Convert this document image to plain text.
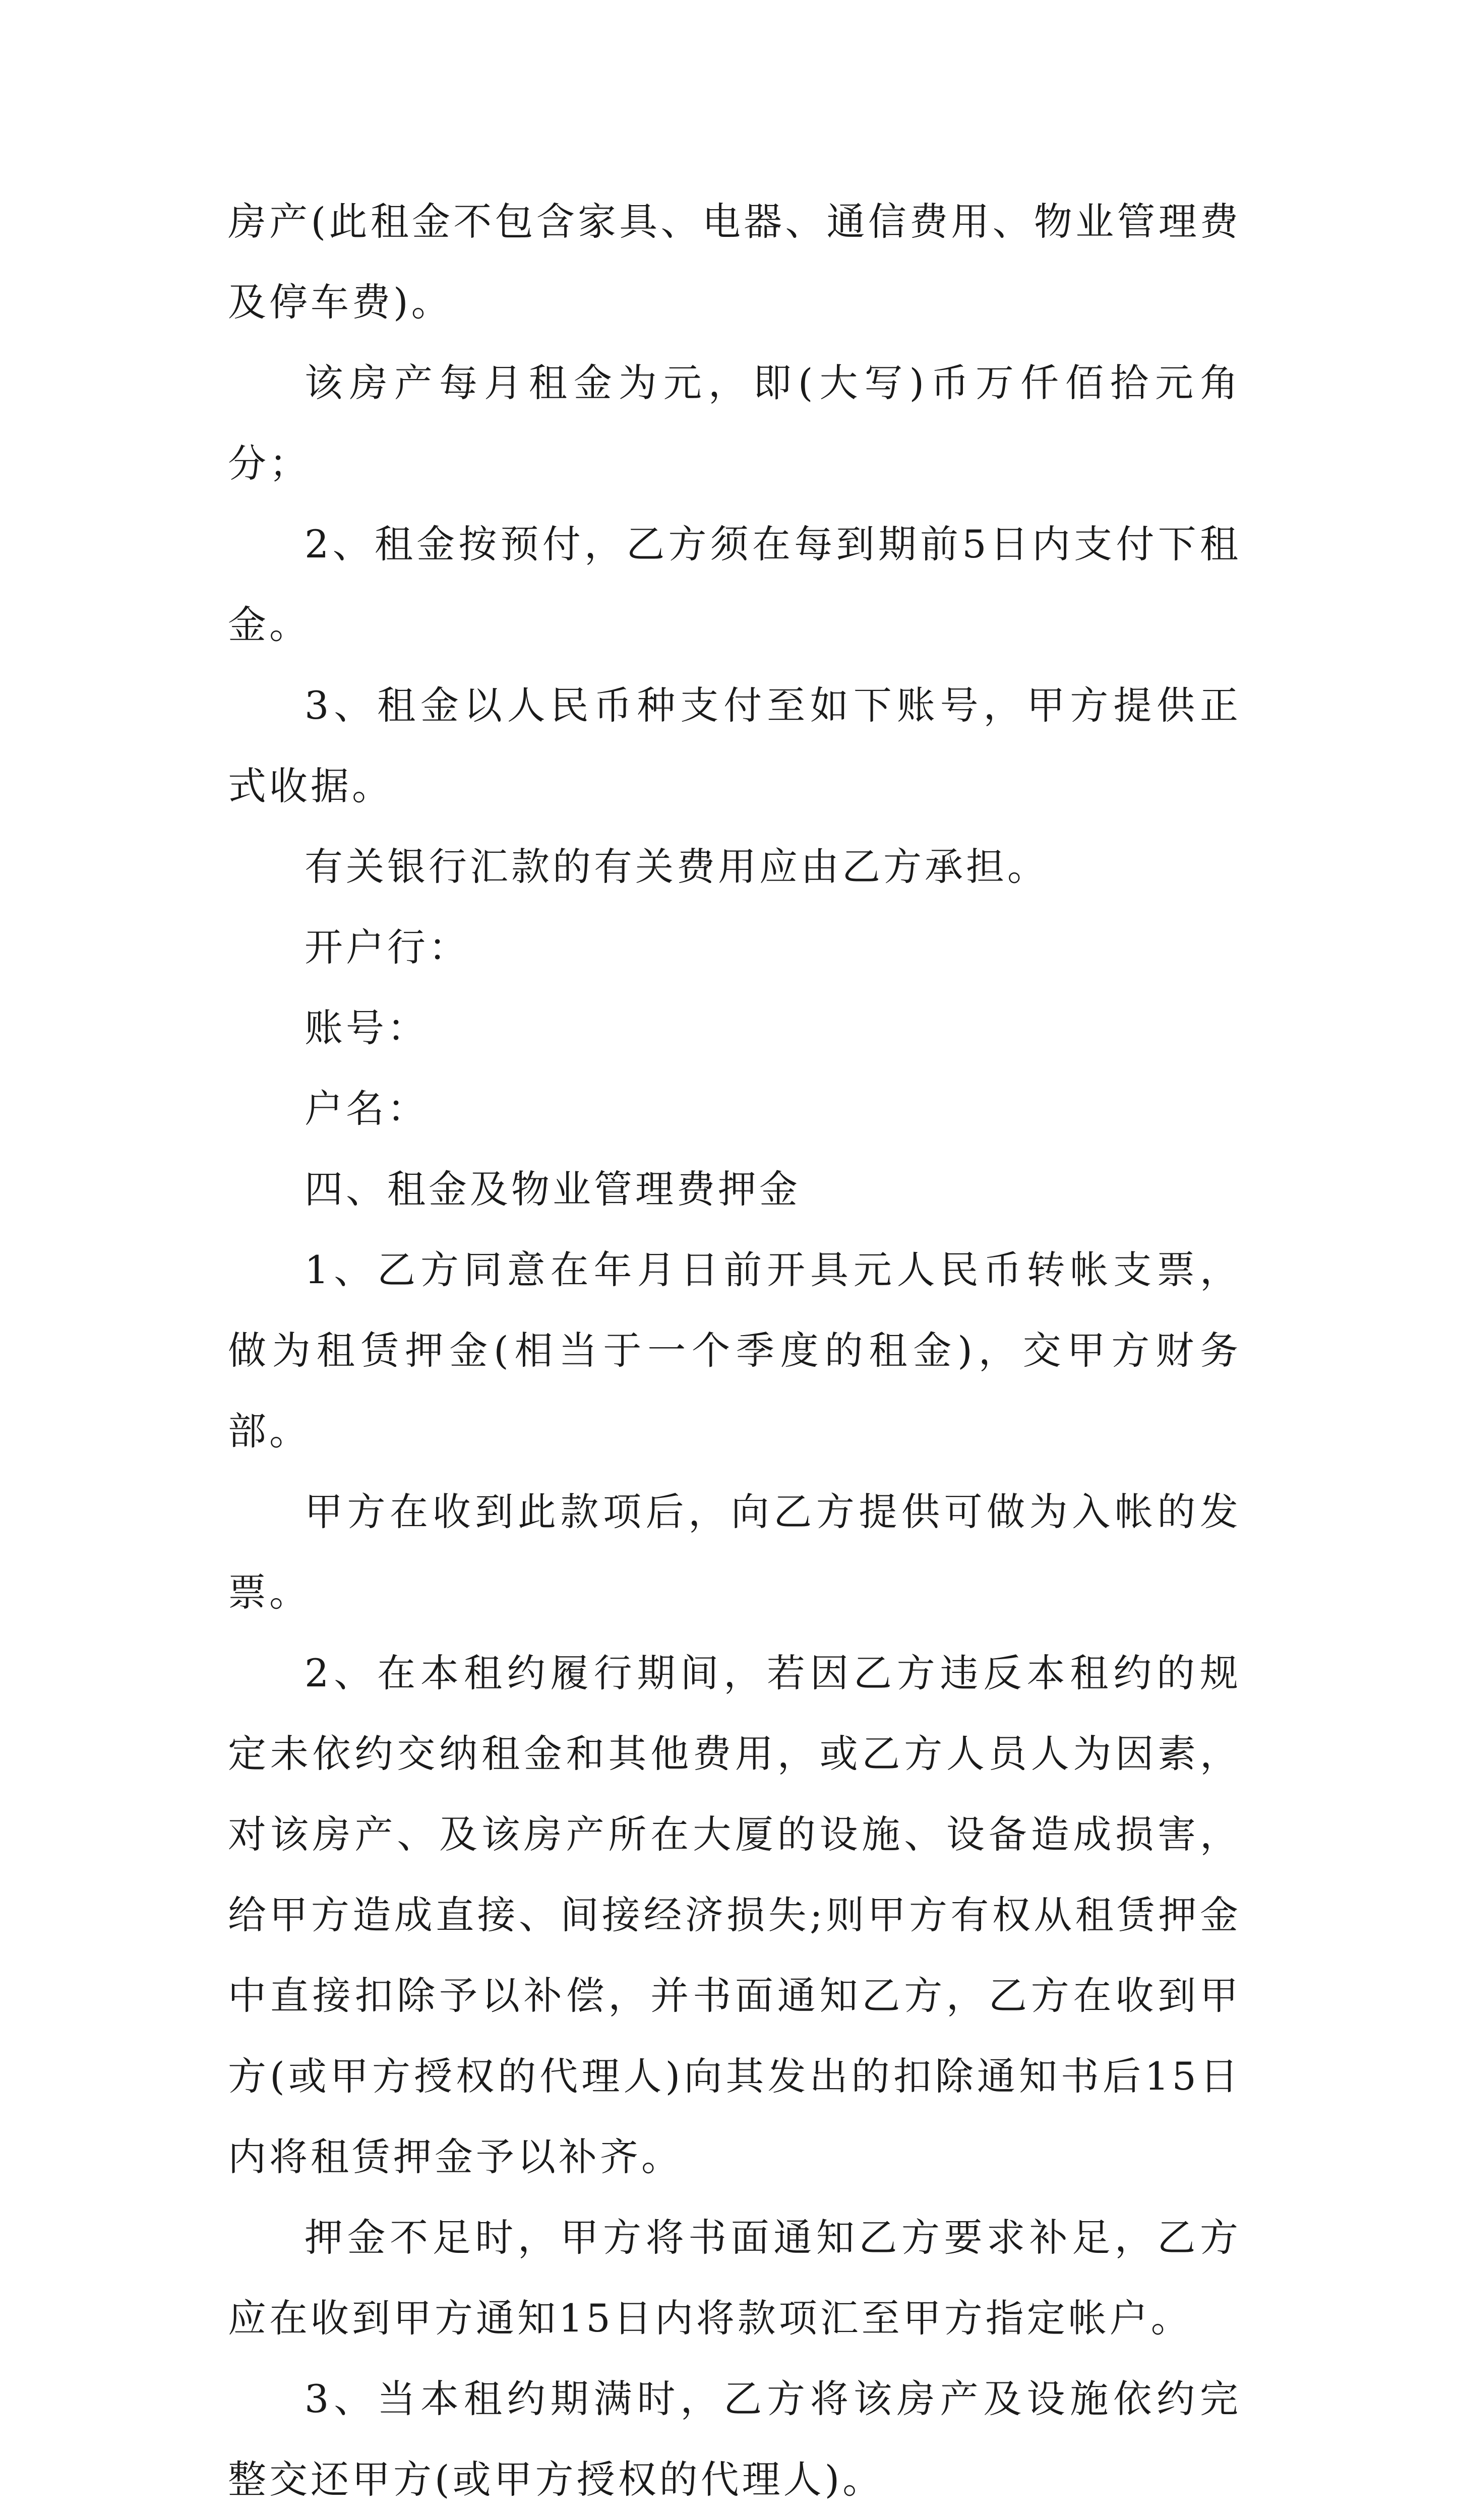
房产(此租金不包含家具、电器、通信费用、物业管理费及停车费)。

该房产每月租金为元，即(大写)币万仟佰拾元角分；

2、租金按预付，乙方须在每到期前5日内支付下租金。

3、租金以人民币种支付至如下账号，甲方提供正式收据。

有关银行汇款的有关费用应由乙方承担。

开户行：

账号：

户名：

四、租金及物业管理费押金

1、乙方同意在年月日前开具元人民币转帐支票，做为租赁押金(相当于一个季度的租金)，交甲方财务部。

甲方在收到此款项后，向乙方提供可做为入帐的发票。

2、在本租约履行期间，若因乙方违反本租约的规定未依约交纳租金和其他费用，或乙方人员人为因素，对该房产、及该房产所在大厦的设施、设备造成损害，给甲方造成直接、间接经济损失;则甲方有权从租赁押金中直接扣除予以补偿，并书面通知乙方，乙方在收到甲方(或甲方授权的代理人)向其发出的扣除通知书后15日内将租赁押金予以补齐。

押金不足时，甲方将书面通知乙方要求补足，乙方应在收到甲方通知15日内将款项汇至甲方指定帐户。

3、当本租约期满时，乙方将该房产及设施依约完整交还甲方(或甲方授权的代理人)。
